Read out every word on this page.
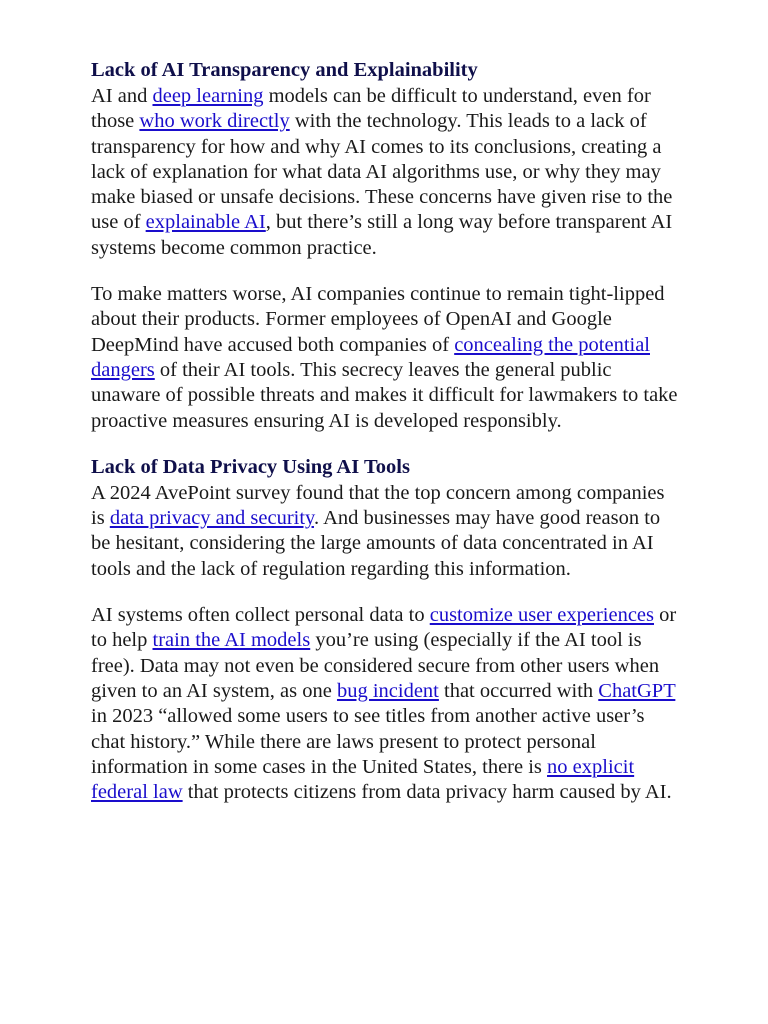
Lack of AI Transparency and Explainability

AI and deep learning models can be difficult to understand, even for those who work directly with the technology. This leads to a lack of transparency for how and why AI comes to its conclusions, creating a lack of explanation for what data AI algorithms use, or why they may make biased or unsafe decisions. These concerns have given rise to the use of explainable AI, but there’s still a long way before transparent AI systems become common practice.

To make matters worse, AI companies continue to remain tight-lipped about their products. Former employees of OpenAI and Google DeepMind have accused both companies of concealing the potential dangers of their AI tools. This secrecy leaves the general public unaware of possible threats and makes it difficult for lawmakers to take proactive measures ensuring AI is developed responsibly.

Lack of Data Privacy Using AI Tools

A 2024 AvePoint survey found that the top concern among companies is data privacy and security. And businesses may have good reason to be hesitant, considering the large amounts of data concentrated in AI tools and the lack of regulation regarding this information.

AI systems often collect personal data to customize user experiences or to help train the AI models you’re using (especially if the AI tool is free). Data may not even be considered secure from other users when given to an AI system, as one bug incident that occurred with ChatGPT in 2023 “allowed some users to see titles from another active user’s chat history.” While there are laws present to protect personal information in some cases in the United States, there is no explicit federal law that protects citizens from data privacy harm caused by AI.
